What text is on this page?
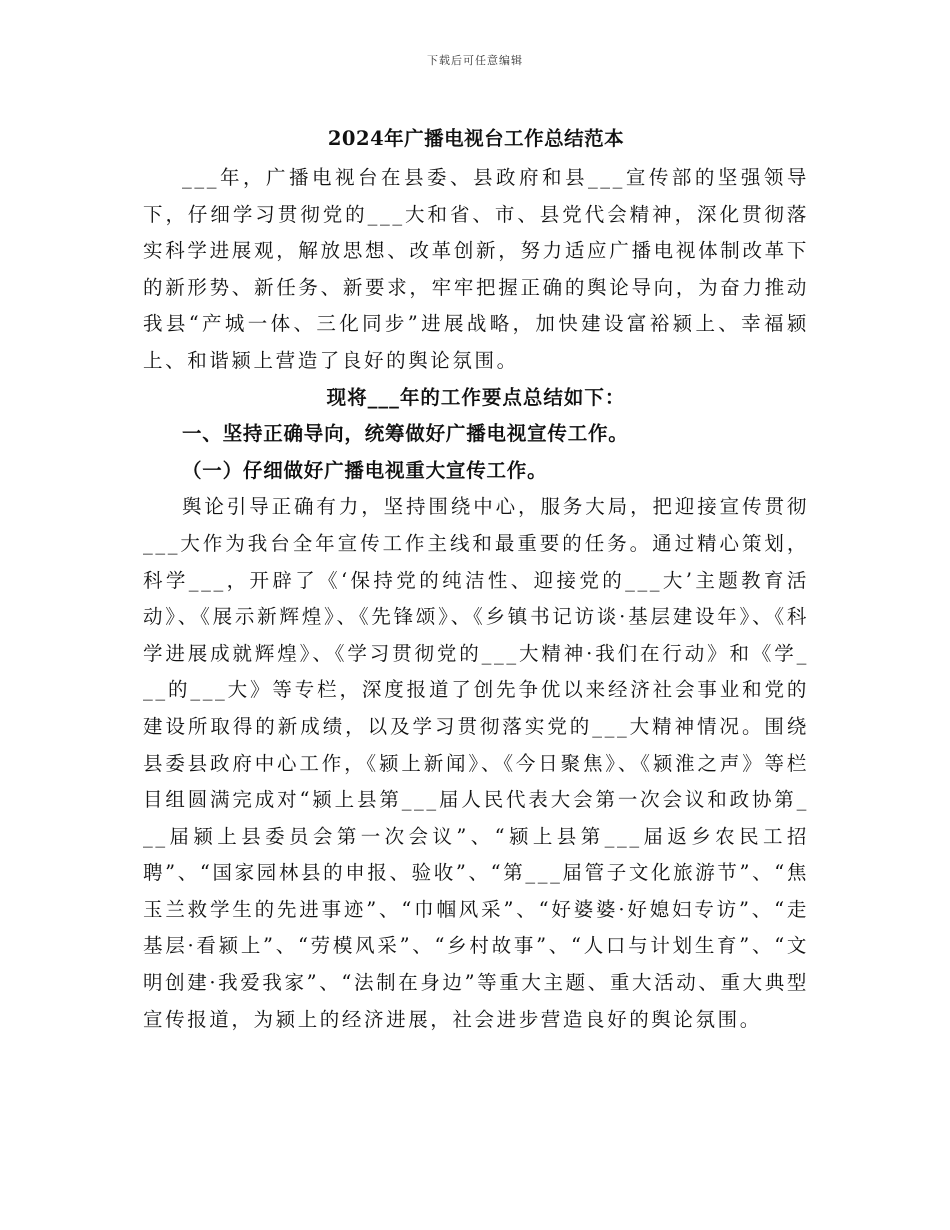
下载后可任意编辑
2024年广播电视台工作总结范本

___年，广播电视台在县委、县政府和县___宣传部的坚强领导下，仔细学习贯彻党的___大和省、市、县党代会精神，深化贯彻落实科学进展观，解放思想、改革创新，努力适应广播电视体制改革下的新形势、新任务、新要求，牢牢把握正确的舆论导向，为奋力推动我县“产城一体、三化同步”进展战略，加快建设富裕颍上、幸福颍上、和谐颍上营造了良好的舆论氛围。

现将___年的工作要点总结如下：

一、坚持正确导向，统筹做好广播电视宣传工作。

（一）仔细做好广播电视重大宣传工作。

舆论引导正确有力，坚持围绕中心，服务大局，把迎接宣传贯彻___大作为我台全年宣传工作主线和最重要的任务。通过精心策划，科学___，开辟了《‘保持党的纯洁性、迎接党的___大’主题教育活动》、《展示新辉煌》、《先锋颂》、《乡镇书记访谈·基层建设年》、《科学进展成就辉煌》、《学习贯彻党的___大精神·我们在行动》和《学___的___大》等专栏，深度报道了创先争优以来经济社会事业和党的建设所取得的新成绩，以及学习贯彻落实党的___大精神情况。围绕县委县政府中心工作，《颍上新闻》、《今日聚焦》、《颍淮之声》等栏目组圆满完成对“颍上县第___届人民代表大会第一次会议和政协第___届颍上县委员会第一次会议”、“颍上县第___届返乡农民工招聘”、“国家园林县的申报、验收”、“第___届管子文化旅游节”、“焦玉兰救学生的先进事迹”、“巾帼风采”、“好婆婆·好媳妇专访”、“走基层·看颍上”、“劳模风采”、“乡村故事”、“人口与计划生育”、“文明创建·我爱我家”、“法制在身边”等重大主题、重大活动、重大典型宣传报道，为颍上的经济进展，社会进步营造良好的舆论氛围。
